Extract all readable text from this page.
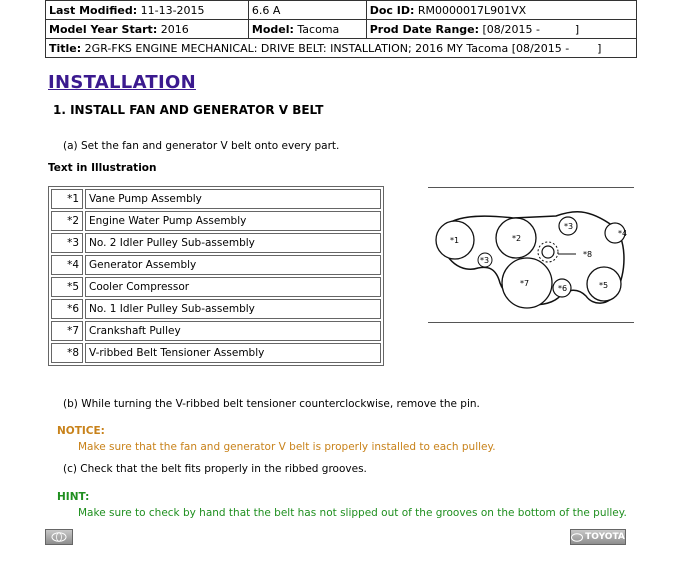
Last Modified: 11-13-2015	6.6 A	Doc ID: RM0000017L901VX
Model Year Start: 2016	Model: Tacoma	Prod Date Range: [08/2015 -          ]
Title: 2GR-FKS ENGINE MECHANICAL: DRIVE BELT: INSTALLATION; 2016 MY Tacoma [08/2015 -        ]		
INSTALLATION
1. INSTALL FAN AND GENERATOR V BELT
(a) Set the fan and generator V belt onto every part.
Text in Illustration
*1	Vane Pump Assembly
*2	Engine Water Pump Assembly
*3	No. 2 Idler Pulley Sub-assembly
*4	Generator Assembly
*5	Cooler Compressor
*6	No. 1 Idler Pulley Sub-assembly
*7	Crankshaft Pulley
*8	V-ribbed Belt Tensioner Assembly
*1	*2
*3
*3
*4
*5
*6
*7
*8
(b) While turning the V-ribbed belt tensioner counterclockwise, remove the pin.
NOTICE:
Make sure that the fan and generator V belt is properly installed to each pulley.
(c) Check that the belt fits properly in the ribbed grooves.
HINT:
Make sure to check by hand that the belt has not slipped out of the grooves on the bottom of the pulley.
TOYOTA
